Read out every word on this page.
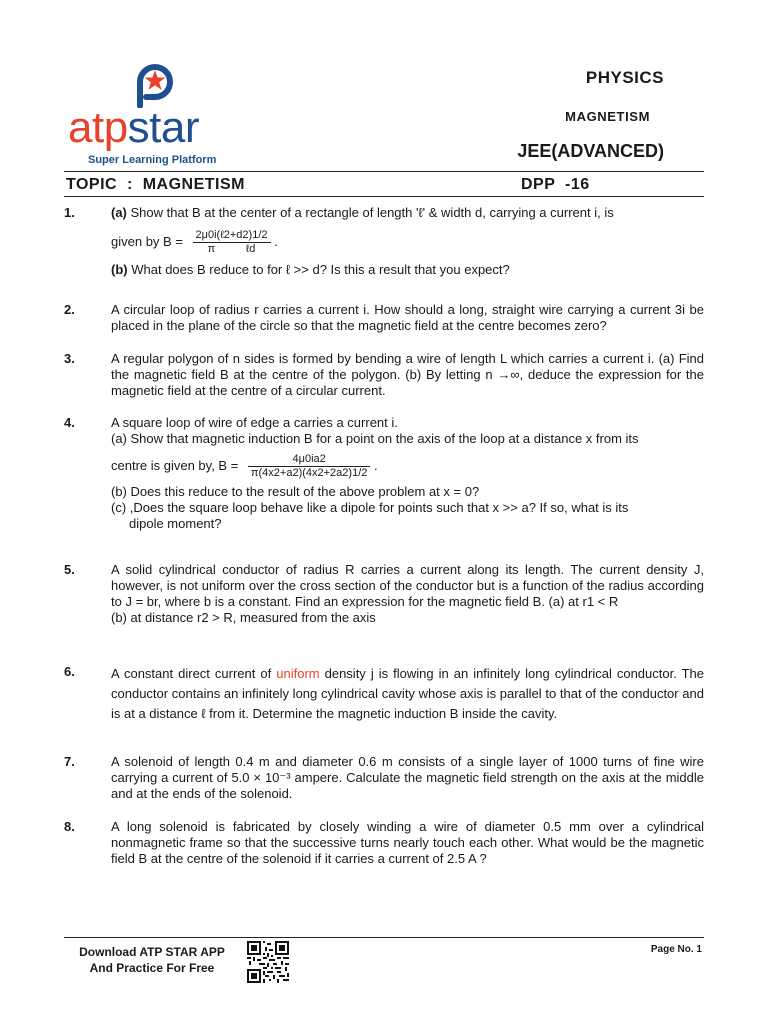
atpstar
Super Learning Platform
PHYSICS
MAGNETISM
JEE(ADVANCED)
TOPIC  :  MAGNETISM	DPP  -16
1.	(a) Show that B at the center of a rectangle of length 'ℓ' & width d, carrying a current i, is

given by $B = \frac{\text{2μ0i(ℓ2+d2)1/2}}{\text{π          ℓd}}$ .

(b) What does B reduce to for ℓ >> d? Is this a result that you expect?

2.	A circular loop of radius r carries a current i. How should a long, straight wire carrying a current 3i be placed in the plane of the circle so that the magnetic field at the centre becomes zero?

3.	A regular polygon of n sides is formed by bending a wire of length L which carries a current i. (a) Find the magnetic field B at the centre of the polygon. (b) By letting n →∞, deduce the expression for the magnetic field at the centre of a circular current.

4.	A square loop of wire of edge a carries a current i.

(a) Show that magnetic induction B for a point on the axis of the loop at a distance x from its

centre is given by, $B = \frac{4\mu 0ia2}{\pi(4x2+a2)(4x2+2a2)1/2}$ .

(b) Does this reduce to the result of the above problem at x = 0?

(c) ,Does the square loop behave like a dipole for points such that x >> a? If so, what is its

dipole moment?

5.	A solid cylindrical conductor of radius R carries a current along its length. The current density J, however, is not uniform over the cross section of the conductor but is a function of the radius according to J = br, where b is a constant. Find an expression for the magnetic field B. (a) at r1 < R

(b) at distance r2 > R, measured from the axis

6.	A constant direct current of uniform density j is flowing in an infinitely long cylindrical conductor. The conductor contains an infinitely long cylindrical cavity whose axis is parallel to that of the conductor and is at a distance ℓ from it. Determine the magnetic induction B inside the cavity.

7.	A solenoid of length 0.4 m and diameter 0.6 m consists of a single layer of 1000 turns of fine wire carrying a current of 5.0 × 10⁻³ ampere. Calculate the magnetic field strength on the axis at the middle and at the ends of the solenoid.

8.	A long solenoid is fabricated by closely winding a wire of diameter 0.5 mm over a cylindrical nonmagnetic frame so that the successive turns nearly touch each other. What would be the magnetic field B at the centre of the solenoid if it carries a current of 2.5 A ?

Download ATP STAR APP
And Practice For Free
Page No. 1
